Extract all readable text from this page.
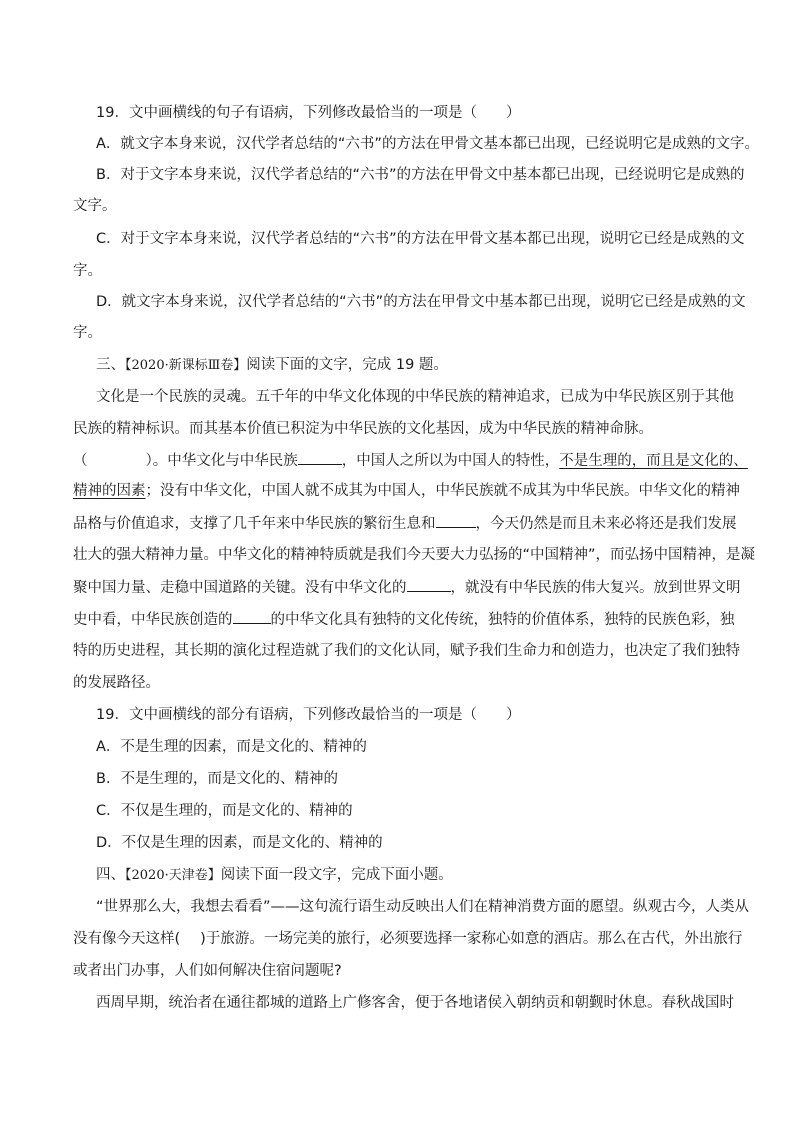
19．文中画横线的句子有语病，下列修改最恰当的一项是（　　）
A．就文字本身来说，汉代学者总结的“六书”的方法在甲骨文基本都已出现，已经说明它是成熟的文字。
B．对于文字本身来说，汉代学者总结的“六书”的方法在甲骨文中基本都已出现，已经说明它是成熟的
文字。
C．对于文字本身来说，汉代学者总结的“六书”的方法在甲骨文基本都已出现，说明它已经是成熟的文
字。
D．就文字本身来说，汉代学者总结的“六书”的方法在甲骨文中基本都已出现，说明它已经是成熟的文
字。
三、【2020·新课标Ⅲ卷】阅读下面的文字，完成 19 题。
文化是一个民族的灵魂。五千年的中华文化体现的中华民族的精神追求，已成为中华民族区别于其他
民族的精神标识。而其基本价值已积淀为中华民族的文化基因，成为中华民族的精神命脉。
（　　　　）。中华文化与中华民族	，中国人之所以为中国人的特性，不是生理的，而且是文化的、
精神的因素；没有中华文化，中国人就不成其为中国人，中华民族就不成其为中华民族。中华文化的精神
品格与价值追求，支撑了几千年来中华民族的繁衍生息和	，今天仍然是而且未来必将还是我们发展
壮大的强大精神力量。中华文化的精神特质就是我们今天要大力弘扬的“中国精神”，而弘扬中国精神，是凝
聚中国力量、走稳中国道路的关键。没有中华文化的	，就没有中华民族的伟大复兴。放到世界文明
史中看，中华民族创造的	的中华文化具有独特的文化传统，独特的价值体系，独特的民族色彩，独
特的历史进程，其长期的演化过程造就了我们的文化认同，赋予我们生命力和创造力，也决定了我们独特
的发展路径。
19．文中画横线的部分有语病，下列修改最恰当的一项是（　　）
A．不是生理的因素，而是文化的、精神的
B．不是生理的，而是文化的、精神的
C．不仅是生理的，而是文化的、精神的
D．不仅是生理的因素，而是文化的、精神的
四、【2020·天津卷】阅读下面一段文字，完成下面小题。
“世界那么大，我想去看看”——这句流行语生动反映出人们在精神消费方面的愿望。纵观古今，人类从
没有像今天这样( )于旅游。一场完美的旅行，必须要选择一家称心如意的酒店。那么在古代，外出旅行
或者出门办事，人们如何解决住宿问题呢?
西周早期，统治者在通往都城的道路上广修客舍，便于各地诸侯入朝纳贡和朝觐时休息。春秋战国时
